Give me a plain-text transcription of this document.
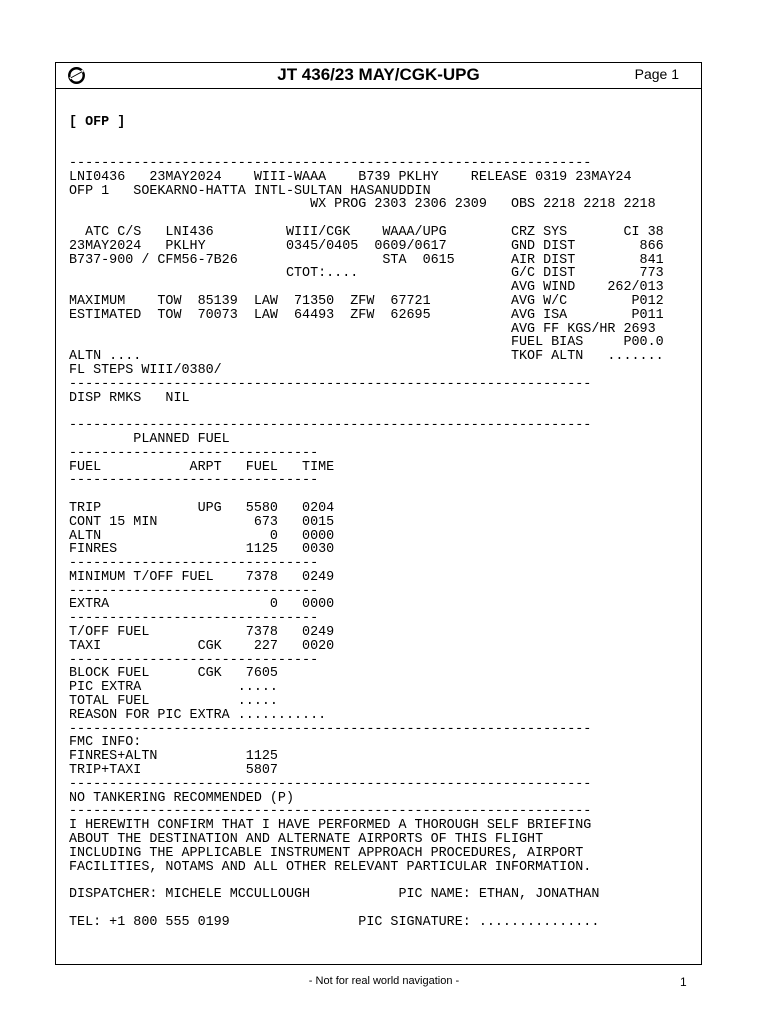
JT 436/23 MAY/CGK-UPG	Page 1

[ OFP ]

-----------------------------------------------------------------
LNI0436   23MAY2024    WIII-WAAA    B739 PKLHY    RELEASE 0319 23MAY24
OFP 1   SOEKARNO-HATTA INTL-SULTAN HASANUDDIN
WX PROG 2303 2306 2309   OBS 2218 2218 2218
ATC C/S   LNI436         WIII/CGK    WAAA/UPG        CRZ SYS       CI 38
23MAY2024   PKLHY          0345/0405  0609/0617        GND DIST        866
B737-900 / CFM56-7B26                  STA  0615       AIR DIST        841
CTOT:....                   G/C DIST        773
AVG WIND    262/013
MAXIMUM    TOW  85139  LAW  71350  ZFW  67721          AVG W/C        P012
ESTIMATED  TOW  70073  LAW  64493  ZFW  62695          AVG ISA        P011
AVG FF KGS/HR 2693
FUEL BIAS     P00.0
ALTN ....                                              TKOF ALTN   .......
FL STEPS WIII/0380/
-----------------------------------------------------------------
DISP RMKS   NIL
-----------------------------------------------------------------
PLANNED FUEL
-------------------------------
FUEL           ARPT   FUEL   TIME
-------------------------------
TRIP            UPG   5580   0204
CONT 15 MIN            673   0015
ALTN                     0   0000
FINRES                1125   0030
-------------------------------
MINIMUM T/OFF FUEL    7378   0249
-------------------------------
EXTRA                    0   0000
-------------------------------
T/OFF FUEL            7378   0249
TAXI            CGK    227   0020
-------------------------------
BLOCK FUEL      CGK   7605
PIC EXTRA            .....
TOTAL FUEL           .....
REASON FOR PIC EXTRA ...........
-----------------------------------------------------------------
FMC INFO:
FINRES+ALTN           1125
TRIP+TAXI             5807
-----------------------------------------------------------------
NO TANKERING RECOMMENDED (P)
-----------------------------------------------------------------
I HEREWITH CONFIRM THAT I HAVE PERFORMED A THOROUGH SELF BRIEFING
ABOUT THE DESTINATION AND ALTERNATE AIRPORTS OF THIS FLIGHT
INCLUDING THE APPLICABLE INSTRUMENT APPROACH PROCEDURES, AIRPORT
FACILITIES, NOTAMS AND ALL OTHER RELEVANT PARTICULAR INFORMATION.
DISPATCHER: MICHELE MCCULLOUGH           PIC NAME: ETHAN, JONATHAN
TEL: +1 800 555 0199                PIC SIGNATURE: ...............

- Not for real world navigation -	1
